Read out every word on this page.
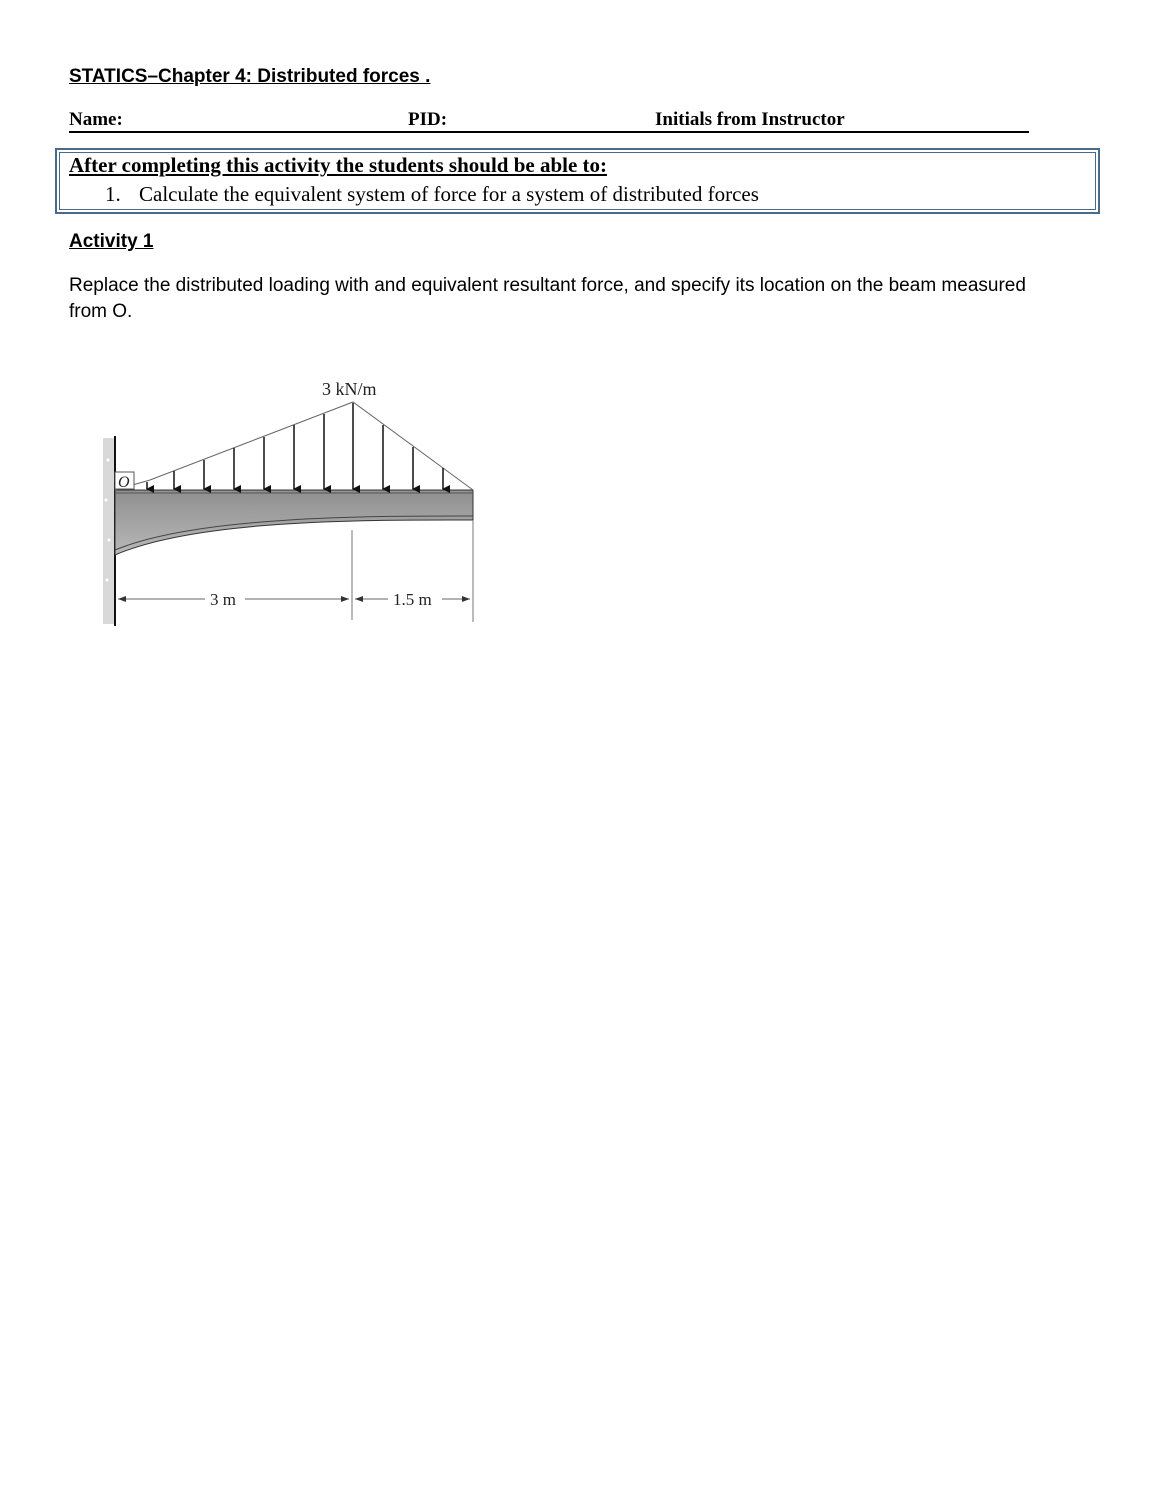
STATICS–Chapter 4: Distributed forces .
Name:	PID:	Initials from Instructor
After completing this activity the students should be able to:
1. Calculate the equivalent system of force for a system of distributed forces
Activity 1
Replace the distributed loading with and equivalent resultant force, and specify its location on the beam measured from O.
3 kN/m
O
3 m	1.5 m
